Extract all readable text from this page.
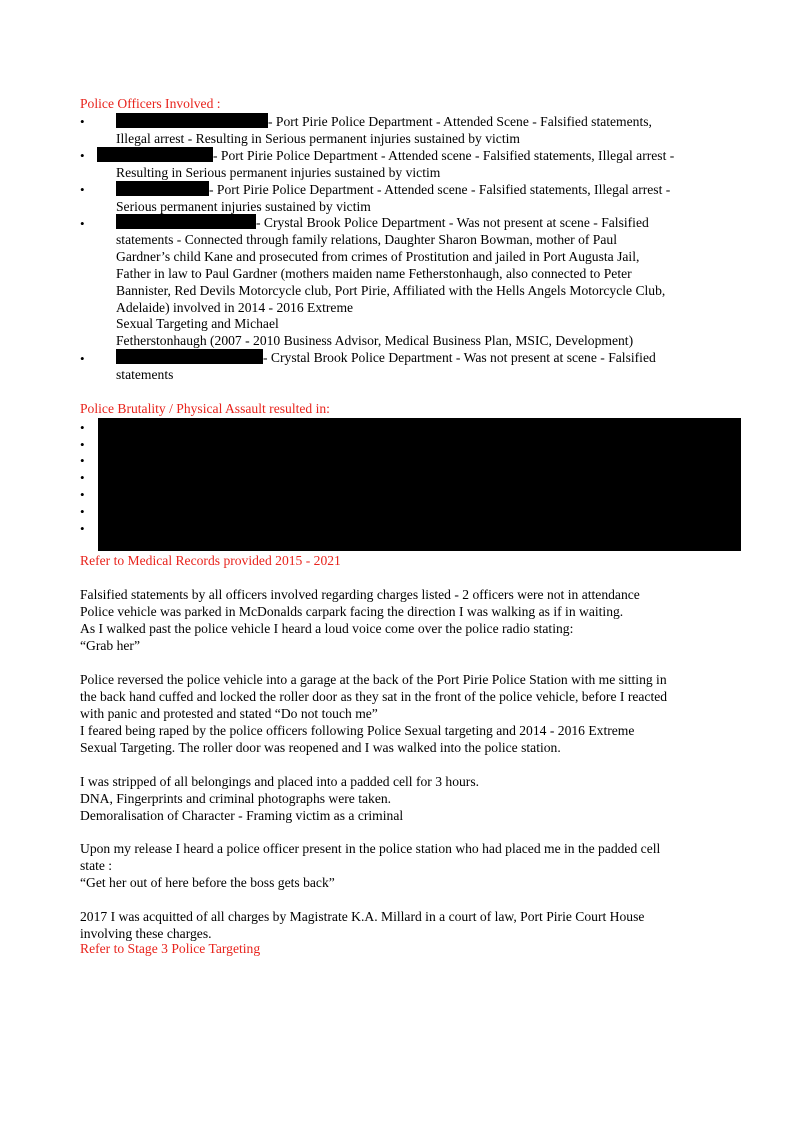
Police Officers Involved :
•	- Port Pirie Police Department - Attended Scene - Falsified statements,
Illegal arrest - Resulting in Serious permanent injuries sustained by victim
•	- Port Pirie Police Department - Attended scene - Falsified statements, Illegal arrest -
Resulting in Serious permanent injuries sustained by victim
•	- Port Pirie Police Department - Attended scene - Falsified statements, Illegal arrest -
Serious permanent injuries sustained by victim
•	- Crystal Brook Police Department - Was not present at scene - Falsified
statements - Connected through family relations, Daughter Sharon Bowman, mother of Paul
Gardner’s child Kane and prosecuted from crimes of Prostitution and jailed in Port Augusta Jail,
Father in law to Paul Gardner (mothers maiden name Fetherstonhaugh, also connected to Peter
Bannister, Red Devils Motorcycle club, Port Pirie, Affiliated with the Hells Angels Motorcycle Club,
Adelaide) involved in 2014 - 2016 Extreme
Sexual Targeting and Michael
Fetherstonhaugh (2007 - 2010 Business Advisor, Medical Business Plan, MSIC, Development)
•	- Crystal Brook Police Department - Was not present at scene - Falsified
statements
Police Brutality / Physical Assault resulted in:
•
•
•
•
•
•
•
Refer to Medical Records provided 2015 - 2021
Falsified statements by all officers involved regarding charges listed - 2 officers were not in attendance
Police vehicle was parked in McDonalds carpark facing the direction I was walking as if in waiting.
As I walked past the police vehicle I heard a loud voice come over the police radio stating:
“Grab her”
Police reversed the police vehicle into a garage at the back of the Port Pirie Police Station with me sitting in
the back hand cuffed and locked the roller door as they sat in the front of the police vehicle, before I reacted
with panic and protested and stated “Do not touch me”
I feared being raped by the police officers following Police Sexual targeting and 2014 - 2016 Extreme
Sexual Targeting. The roller door was reopened and I was walked into the police station.
I was stripped of all belongings and placed into a padded cell for 3 hours.
DNA, Fingerprints and criminal photographs were taken.
Demoralisation of Character - Framing victim as a criminal
Upon my release I heard a police officer present in the police station who had placed me in the padded cell
state :
“Get her out of here before the boss gets back”
2017 I was acquitted of all charges by Magistrate K.A. Millard in a court of law, Port Pirie Court House
involving these charges.
Refer to Stage 3 Police Targeting
